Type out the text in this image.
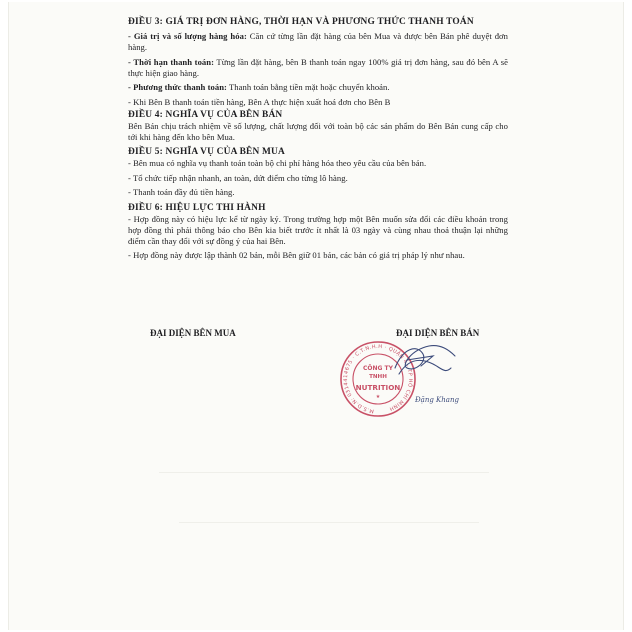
ĐIỀU 3: GIÁ TRỊ ĐƠN HÀNG, THỜI HẠN VÀ PHƯƠNG THỨC THANH TOÁN

- Giá trị và số lượng hàng hóa: Căn cứ từng lần đặt hàng của bên Mua và được bên Bán phê duyệt đơn hàng.

- Thời hạn thanh toán: Từng lần đặt hàng, bên B thanh toán ngay 100% giá trị đơn hàng, sau đó bên A sẽ thực hiện giao hàng.

- Phương thức thanh toán: Thanh toán bằng tiền mặt hoặc chuyển khoản.

- Khi Bên B thanh toán tiền hàng, Bên A thực hiện xuất hoá đơn cho Bên B

ĐIỀU 4: NGHĨA VỤ CỦA BÊN BÁN

Bên Bán chịu trách nhiệm về số lượng, chất lượng đối với toàn bộ các sản phẩm do Bên Bán cung cấp cho tới khi hàng đến kho bên Mua.

ĐIỀU 5: NGHĨA VỤ CỦA BÊN MUA

- Bên mua có nghĩa vụ thanh toán toàn bộ chi phí hàng hóa theo yêu cầu của bên bán.

- Tổ chức tiếp nhận nhanh, an toàn, dứt điểm cho từng lô hàng.

- Thanh toán đầy đủ tiền hàng.

ĐIỀU 6: HIỆU LỰC THI HÀNH

- Hợp đồng này có hiệu lực kể từ ngày ký. Trong trường hợp một Bên muốn sửa đổi các điều khoản trong hợp đồng thì phải thông báo cho Bên kia biết trước ít nhất là 03 ngày và cùng nhau thoả thuận lại những điểm cần thay đổi với sự đồng ý của hai Bên.

- Hợp đồng này được lập thành 02 bản, mỗi Bên giữ 01 bản, các bản có giá trị pháp lý như nhau.

ĐẠI DIỆN BÊN MUA	ĐẠI DIỆN BÊN BÁN
M.S.D.N: 0314414675 · C.T.N.H.H · QUẬN 4 - TP HỒ CHÍ MINH
CÔNG TY
TNHH
NUTRITION
★	Đặng Khang
